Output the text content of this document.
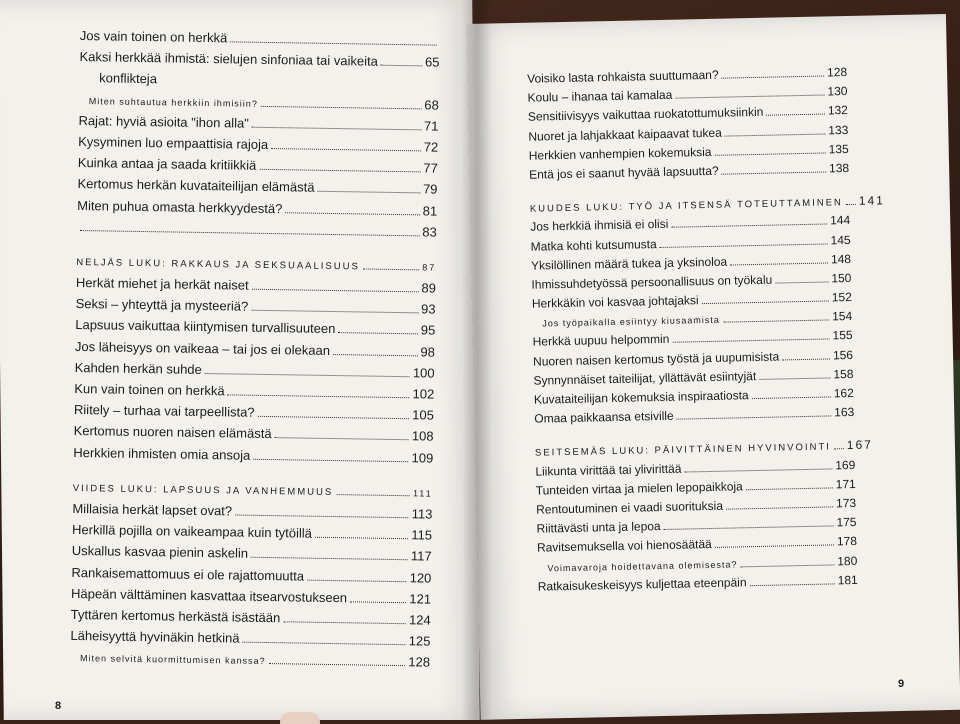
Jos vain toinen on herkkä
Kaksi herkkää ihmistä: sielujen sinfoniaa tai vaikeita	65
konflikteja
Miten suhtautua herkkiin ihmisiin?	68
Rajat: hyviä asioita "ihon alla"	71
Kysyminen luo empaattisia rajoja	72
Kuinka antaa ja saada kritiikkiä	77
Kertomus herkän kuvataiteilijan elämästä	79
Miten puhua omasta herkkyydestä?	81
83
NELJÄS LUKU: RAKKAUS JA SEKSUAALISUUS	87
Herkät miehet ja herkät naiset	89
Seksi – yhteyttä ja mysteeriä?	93
Lapsuus vaikuttaa kiintymisen turvallisuuteen	95
Jos läheisyys on vaikeaa – tai jos ei olekaan	98
Kahden herkän suhde	100
Kun vain toinen on herkkä	102
Riitely – turhaa vai tarpeellista?	105
Kertomus nuoren naisen elämästä	108
Herkkien ihmisten omia ansoja	109
VIIDES LUKU: LAPSUUS JA VANHEMMUUS	111
Millaisia herkät lapset ovat?	113
Herkillä pojilla on vaikeampaa kuin tytöillä	115
Uskallus kasvaa pienin askelin	117
Rankaisemattomuus ei ole rajattomuutta	120
Häpeän välttäminen kasvattaa itsearvostukseen	121
Tyttären kertomus herkästä isästään	124
Läheisyyttä hyvinäkin hetkinä	125
Miten selvitä kuormittumisen kanssa?	128
Voisiko lasta rohkaista suuttumaan?	128
Koulu – ihanaa tai kamalaa	130
Sensitiivisyys vaikuttaa ruokatottumuksiinkin	132
Nuoret ja lahjakkaat kaipaavat tukea	133
Herkkien vanhempien kokemuksia	135
Entä jos ei saanut hyvää lapsuutta?	138
KUUDES LUKU: TYÖ JA ITSENSÄ TOTEUTTAMINEN 141
Jos herkkiä ihmisiä ei olisi	144
Matka kohti kutsumusta	145
Yksilöllinen määrä tukea ja yksinoloa	148
Ihmissuhdetyössä persoonallisuus on työkalu	150
Herkkäkin voi kasvaa johtajaksi	152
Jos työpaikalla esiintyy kiusaamista	154
Herkkä uupuu helpommin	155
Nuoren naisen kertomus työstä ja uupumisista	156
Synnynnäiset taiteilijat, yllättävät esiintyjät	158
Kuvataiteilijan kokemuksia inspiraatiosta	162
Omaa paikkaansa etsiville	163
SEITSEMÄS LUKU: PÄIVITTÄINEN HYVINVOINTI 167
Liikunta virittää tai ylivirittää	169
Tunteiden virtaa ja mielen lepopaikkoja	171
Rentoutuminen ei vaadi suorituksia	173
Riittävästi unta ja lepoa	175
Ravitsemuksella voi hienosäätää	178
Voimavaroja hoidettavana olemisesta?	180
Ratkaisukeskeisyys kuljettaa eteenpäin	181
8
9
